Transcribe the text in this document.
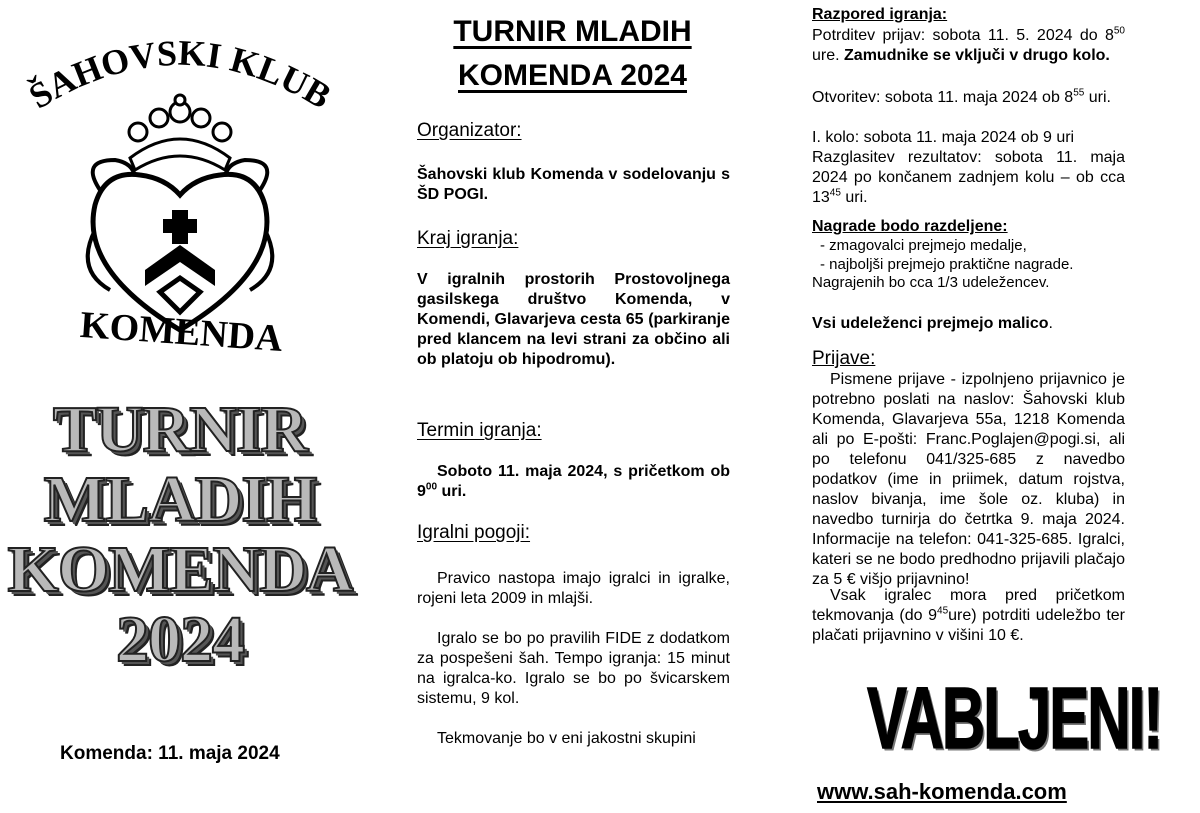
ŠAHOVSKI KLUB
KOMENDA
TURNIR
MLADIH
KOMENDA
2024
Komenda: 11. maja 2024
TURNIR MLADIH
KOMENDA 2024
Organizator:
Šahovski klub Komenda v sodelovanju s ŠD POGI.
Kraj igranja:
V igralnih prostorih Prostovoljnega gasilskega društvo Komenda, v Komendi, Glavarjeva cesta 65 (parkiranje pred klancem na levi strani za občino ali ob platoju ob hipodromu).
Termin igranja:
Soboto 11. maja 2024, s pričetkom ob $9^{00}$ uri.
Igralni pogoji:
Pravico nastopa imajo igralci in igralke, rojeni leta 2009 in mlajši.
Igralo se bo po pravilih FIDE z dodatkom za pospešeni šah. Tempo igranja: 15 minut na igralca-ko. Igralo se bo po švicarskem sistemu, 9 kol.
Tekmovanje bo v eni jakostni skupini
Razpored igranja:
Potrditev prijav: sobota 11. 5. 2024 do $8^{50}$ ure. Zamudnike se vključi v drugo kolo.
Otvoritev: sobota 11. maja 2024 ob $8^{55}$ uri.
I. kolo: sobota 11. maja 2024 ob 9 uri
Razglasitev rezultatov: sobota 11. maja 2024 po končanem zadnjem kolu – ob cca $13^{45}$ uri.
Nagrade bodo razdeljene:
- zmagovalci prejmejo medalje,
- najboljši prejmejo praktične nagrade.
Nagrajenih bo cca 1/3 udeležencev.
Vsi udeleženci prejmejo malico.
Prijave:
Pismene prijave - izpolnjeno prijavnico je potrebno poslati na naslov: Šahovski klub Komenda, Glavarjeva 55a, 1218 Komenda ali po E-pošti: Franc.Poglajen@pogi.si, ali po telefonu 041/325-685 z navedbo podatkov (ime in priimek, datum rojstva, naslov bivanja, ime šole oz. kluba) in navedbo turnirja do četrtka 9. maja 2024. Informacije na telefon: 041-325-685. Igralci, kateri se ne bodo predhodno prijavili plačajo za 5 € višjo prijavnino!
Vsak igralec mora pred pričetkom tekmovanja (do $9^{45}ure$) potrditi udeležbo ter plačati prijavnino v višini 10 €.
VABLJENI!
www.sah-komenda.com
